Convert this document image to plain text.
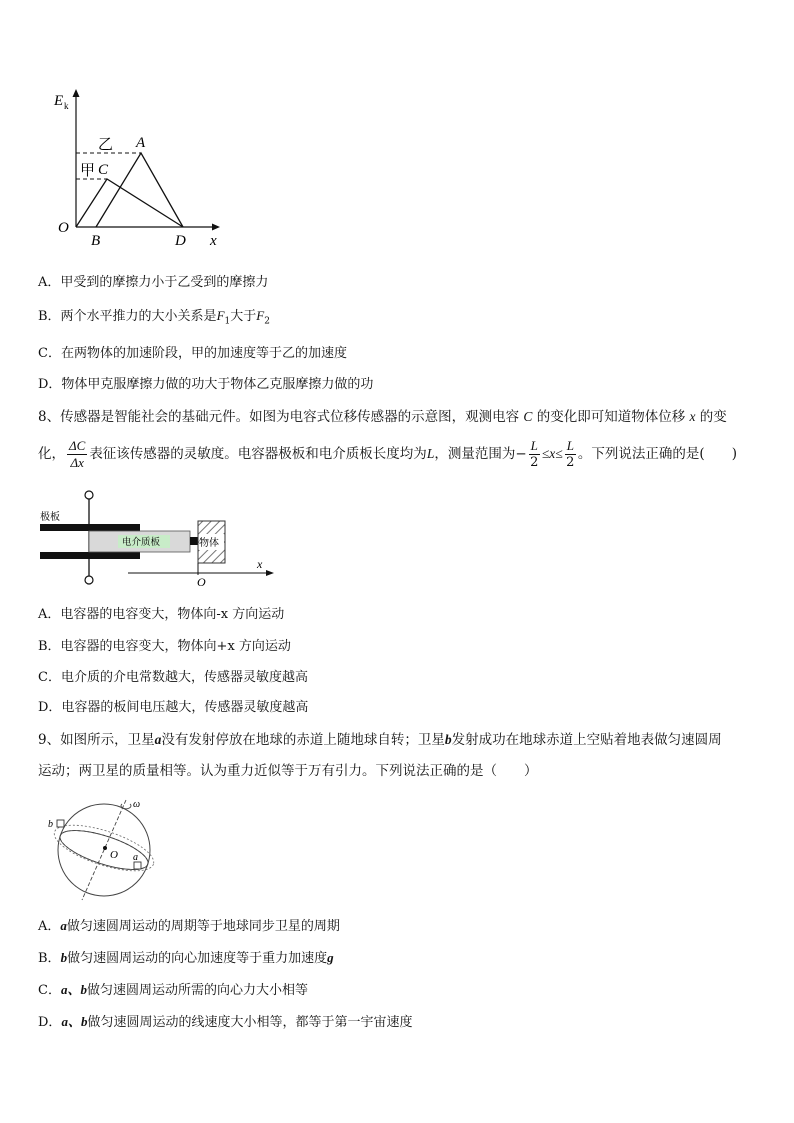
E k
乙 A
甲 C
O
B	D x
A．甲受到的摩擦力小于乙受到的摩擦力
B．两个水平推力的大小关系是$F_1$大于$F_2$
C．在两物体的加速阶段，甲的加速度等于乙的加速度
D．物体甲克服摩擦力做的功大于物体乙克服摩擦力做的功
8、传感器是智能社会的基础元件。如图为电容式位移传感器的示意图，观测电容 C 的变化即可知道物体位移 x 的变
化， $\frac{\Delta C}{\Delta x}$ 表征该传感器的灵敏度。电容器极板和电介质板长度均为L，测量范围为− $\frac{L}{2} \le x\le \frac{L}{2}$ 。下列说法正确的是(　　)
极板
电介质板	物体
x
O
A．电容器的电容变大，物体向-x 方向运动
B．电容器的电容变大，物体向+x 方向运动
C．电介质的介电常数越大，传感器灵敏度越高
D．电容器的板间电压越大，传感器灵敏度越高
9、如图所示，卫星a没有发射停放在地球的赤道上随地球自转；卫星b发射成功在地球赤道上空贴着地表做匀速圆周
运动；两卫星的质量相等。认为重力近似等于万有引力。下列说法正确的是（　　）
ω
b
a
O
A．a做匀速圆周运动的周期等于地球同步卫星的周期
B．b做匀速圆周运动的向心加速度等于重力加速度g
C．a、b做匀速圆周运动所需的向心力大小相等
D．a、b做匀速圆周运动的线速度大小相等，都等于第一宇宙速度
